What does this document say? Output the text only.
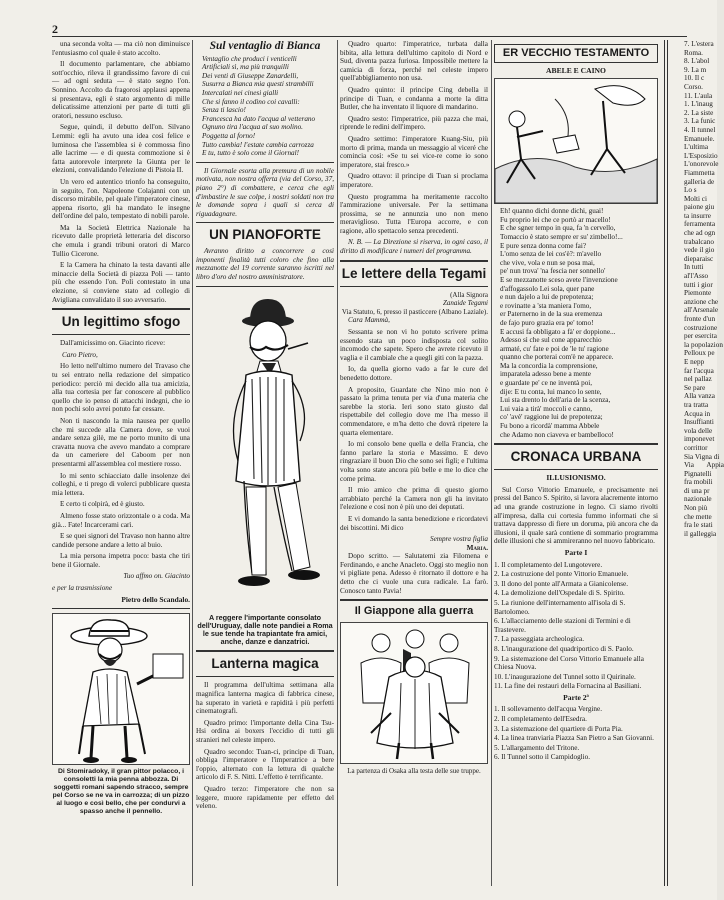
2

una seconda volta — ma ciò non diminuisce l'entusiasmo col quale è stato accolto.

Il documento parlamentare, che abbiamo sott'occhio, rileva il grandissimo favore di cui — ad ogni seduta — è stato segno l'on. Sonnino. Accolto da fragorosi applausi appena si presentava, egli è stato argomento di mille delicatissime attenzioni per parte di tutti gli oratori, nessuno escluso.

Segue, quindi, il debutto dell'on. Silvano Lemmi: egli ha avuto una idea così felice e luminosa che l'assemblea si è commossa fino alle lacrime — e di questa commozione si è fatta autorevole interprete la Giunta per le elezioni, convalidando l'elezione di Pistoia II.

Un vero ed autentico trionfo ha conseguito, in seguito, l'on. Napoleone Colajanni con un discorso mirabile, pel quale l'imperatore cinese, appena risorto, gli ha mandato le insegne dell'ordine del palo, tempestato di nobili parole.

Ma la Società Elettrica Nazionale ha ricevuto dalle proprietà letteraria del discorso che emula i grandi tribuni oratori di Marco Tullio Cicerone.

E la Camera ha chinato la testa davanti alle minaccie della Società di piazza Poli — tanto più che essendo l'on. Poli contestato in una elezione, si conviene stato ad collegio di Avigliana convalidato il suo avversario.

Un legittimo sfogo

Dall'amicissimo on. Giacinto riceve:

Caro Pietro,

Ho letto nell'ultimo numero del Travaso che tu sei entrato nella redazione del simpatico periodico: perciò mi decido alla tua amicizia, alla tua cortesia per far conoscere al pubblico quello che io penso di attacchi indegni, che io non pochi solo avrei potuto far cessare.

Non ti nascondo la mia nausea per quello che mi succede alla Camera dove, se vuoi andare senza gilè, me ne porto munito di una cravatta nuova che avevo mandato a comprare da un cameriere del Caboom per non presentarmi all'assemblea col mestiere rosso.

Io mi sento schiacciato dalle insolenze dei colleghi, e ti prego di volerci pubblicare questa mia lettera.

E certo ti colpirà, ed è giusto.

Almeno fosse stato orizzontale o a coda. Ma già... Fate! Incarcerami carì.

E se quei signori del Travaso non hanno altre candide persone andare a letto al buio.

La mia persona impetra poco: basta che tiri bene il Giornale.

Tuo affmo on. Giacinto

e per la trasmissione

Pietro dello Scandalo.
Di Stomiradoky, il gran pittor polacco, i consoletti la mia penna abbozza. Di soggetti romani sapendo stracco, sempre pel Corso se ne va in carrozza; di un pizzo al luogo e così bello, che per condurvi a spasso anche il pennello.
Sul ventaglio di Bianca
Ventaglio che produci i venticelli
Artificiali sì, ma più tranquilli
Dei venti di Giuseppe Zanardelli,
Susurra a Bianca mia questi strambilli
Intercalati nei cinesi gialli
Che si fanno il codino coi cavalli:
Senza ti lascio!
Francesca ha dato l'acqua al vetterano
Ognuno tira l'acqua al suo molino.
Poggetta al forno!
Tutto cambia! l'estate cambia carrozza
E tu, tutto è solo come il Giornal!

Il Giornale esorta alla premura di un nobile motivata, non nostra offerta (via del Corso, 37, piano 2°) di combattere, e cerca che egli d'imbastire le sue colpe, i nostri soldati non tra le domande sopra i quali si cerca di riguadagnare.

UN PIANOFORTE

Avranno diritto a concorrere a così imponenti finalità tutti coloro che fino alla mezzanotte del 19 corrente saranno iscritti nel libro d'oro del nostro amministratore.

A reggere l'importante consolato dell'Uruguay, dalle note pandiei a Roma le sue tende ha trapiantate fra amici, anche, danze e danzatrici.
Lanterna magica

Il programma dell'ultima settimana alla magnifica lanterna magica di fabbrica cinese, ha superato in varietà e rapidità i più perfetti cinematografi.

Quadro primo: l'importante della Cina Tsu-Hsi ordina ai boxers l'eccidio di tutti gli stranieri nel celeste impero.

Quadro secondo: Tuan-ci, principe di Tuan, obbliga l'imperatore e l'imperatrice a bere l'oppio, alternato con la lettura di qualche articolo di F. S. Nitti. L'effetto è terrificante.

Quadro terzo: l'imperatore che non sa leggere, muore rapidamente per effetto del veleno.

Quadro quarto: l'imperatrice, turbata dalla bibita, alla lettura dell'ultimo capitolo di Nord e Sud, diventa pazza furiosa. Impossibile mettere la camicia di forza, perché nel celeste impero quell'abbigliamento non usa.

Quadro quinto: il principe Cing debella il principe di Tuan, e condanna a morte la ditta Butler, che ha inventato il liquore di mandarino.

Quadro sesto: l'imperatrice, più pazza che mai, riprende le redini dell'impero.

Quadro settimo: l'imperatore Kuang-Siu, più morto di prima, manda un messaggio al viceré che comincia così: «Se tu sei vice-re come io sono imperatore, stai fresco.»

Quadro ottavo: il principe di Tuan si proclama imperatore.

Questo programma ha meritamente raccolto l'ammirazione universale. Per la settimana prossima, se ne annunzia uno non meno meraviglioso. Tutta l'Europa accorre, e con ragione, allo spettacolo senza precedenti.

N. B. — La Direzione si riserva, in ogni caso, il diritto di modificare i numeri del programma.

Le lettere della Tegami
(Alla Signora
Zanaide Tegami
Via Statuto, 6, presso il pasticcere (Albano Laziale).

Cara Mammà,

Sessanta se non vi ho potuto scrivere prima essendo stata un poco indisposta col solito incomodo che sapete. Spero che avrete ricevuto il vaglia e il cambiale che a quegli giti con la pazza.

Io, da quella giorno vado a far le cure del benedetto dottore.

A proposito, Guardate che Nino mio non è passato la prima tenuta per via d'una materia che sarebbe la storia. Ieri sono stato giusto dal rispettabile del collegio dove me l'ha messo il commendatore, e m'ha detto che dovrà ripetere la quarta elementare.

Io mi consolo bene quella e della Francia, che fanno parlare la storia e Massimo. E devo ringraziare il buon Dio che sono sei figli; e l'ultima volta sono state ancora più belle e me lo dice che come prima.

Il mio amico che prima di questo giorno arrabbiato perché la Camera non gli ha invitato l'elezione e così non è più uno dei deputati.

E vi domando la santa benedizione e ricordatevi dei biscottini. Mi dico

Sempre vostra figlia
Maria.

Dopo scritto. — Salutatemi zia Filomena e Ferdinando, e anche Anacleto. Oggi sto meglio non vi pigliate pena. Adesso è ritornato il dottore e ha detto che ci vuole una cura radicale. La farò. Conosco tanto Pavia!

Il Giappone alla guerra
La partenza di Osaka alla testa delle sue truppe.
ER VECCHIO TESTAMENTO
ABELE E CAINO
Eh! quanno dichi donne dichi, guai!
Fu proprio lei che ce portò ar macello!
E che sgner tempo in qua, fa 'n cervello,
Tomaccio è stato sempre er su' zimbello!...
E pure senza donna come fai?
L'omo senza de lei cos'è?: m'avello
che vive, vola e nun se posa mai,
pe' nun trova' 'na fescia ner sonnello'
E se mezzanotte sceso avete l'invenzione
d'affogassolo Lei sola, quer pane
e nun dajelo a lui de prepotenza;
e rovinatte a 'sta maniera l'omo,
er Paternerno in de la sua eremenza
de fajo puro grazia era pe' tomo!
E accusi fa obbligato a fà' er doppione...
Adesso sì che sul cone apparecchio
armaté, cu' fate e poi de 'le tu' ragione
quanno che porterai com'è ne apparece.
Ma la concordia la comprensione,
imparatela adesso bene a mente
e guardate pe' ce ne inventà poi,
dije: E tu conta, lui manco lo sente,
Lui sta drento lo dell'aria de la scenza,
Lui vaia a tirà' moccoli e canno,
co' 'avè' raggione lui de prepotenza;
Fu bono a ricordà' mamma Abbele
che Adamo non ciaveva er bambelloco!
CRONACA URBANA
ILLUSIONISMO.

Sul Corso Vittorio Emanuele, e precisamente nei pressi del Banco S. Spirito, si lavora alacremente intorno ad una grande costruzione in legno. Ci siamo rivolti all'impresa, dalla cui cortesia fummo informati che si trattava dappresso di fiere un doruma, più ancora che da illusioni, il quale sarà contiene di sommario programma delle illusioni che si ammireranno nel nuovo fabbricato.

Parte I
1. Il completamento del Lungotevere.
2. La costruzione del ponte Vittorio Emanuele.
3. Il dono del ponte all'Armata a Gianicolense.
4. La demolizione dell'Ospedale di S. Spirito.
5. La riunione dell'internamento all'isola di S. Bartolomeo.
6. L'allacciamento delle stazioni di Termini e di Trastevere.
7. La passeggiata archeologica.
8. L'inaugurazione del quadriportico di S. Paolo.
9. La sistemazione del Corso Vittorio Emanuele alla Chiesa Nuova.
10. L'inaugurazione del Tunnel sotto il Quirinale.
11. La fine dei restauri della Fornacina al Basiliani.
Parte 2ª
1. Il sollevamento dell'acqua Vergine.
2. Il completamento dell'Esedra.
3. La sistemazione del quartiere di Porta Pia.
4. La linea tranviaria Piazza San Pietro a San Giovanni.
5. L'allargamento del Tritone.
6. Il Tunnel sotto il Campidoglio.
7. L'estera
Roma.
8. L'abol
9. La m
10. Il c
Corso.
11. L'aula
1. L'inaug
2. La siste
3. La funic
4. Il tunnel
Emanuele.
L'ultima
L'Esposizio
L'onorevole
Fiammetta
galleria de
Lo s
Molti ci
paione giu
ta insurre
ferramenta
che ad ogn
trabalcano
vede il gio
dieparaisc
In tutti
al'l'Asso
tutti i gior
Piemonte
anzione che
all'Arsenale
fronte d'un
costruzione
per esercita
la popolazion
Pelloux pe
E nepp
far l'acqua
nel pallaz
Se pare
Alla vanza
tra tratta
Acqua in
Insuffianti
vola delle
imponevet
corrittor
Sia Vigna di
Via Appia Pignatelli
fra mobili
di una pr
nazionale
Non più
che mette
fra le stati
il galleggia
